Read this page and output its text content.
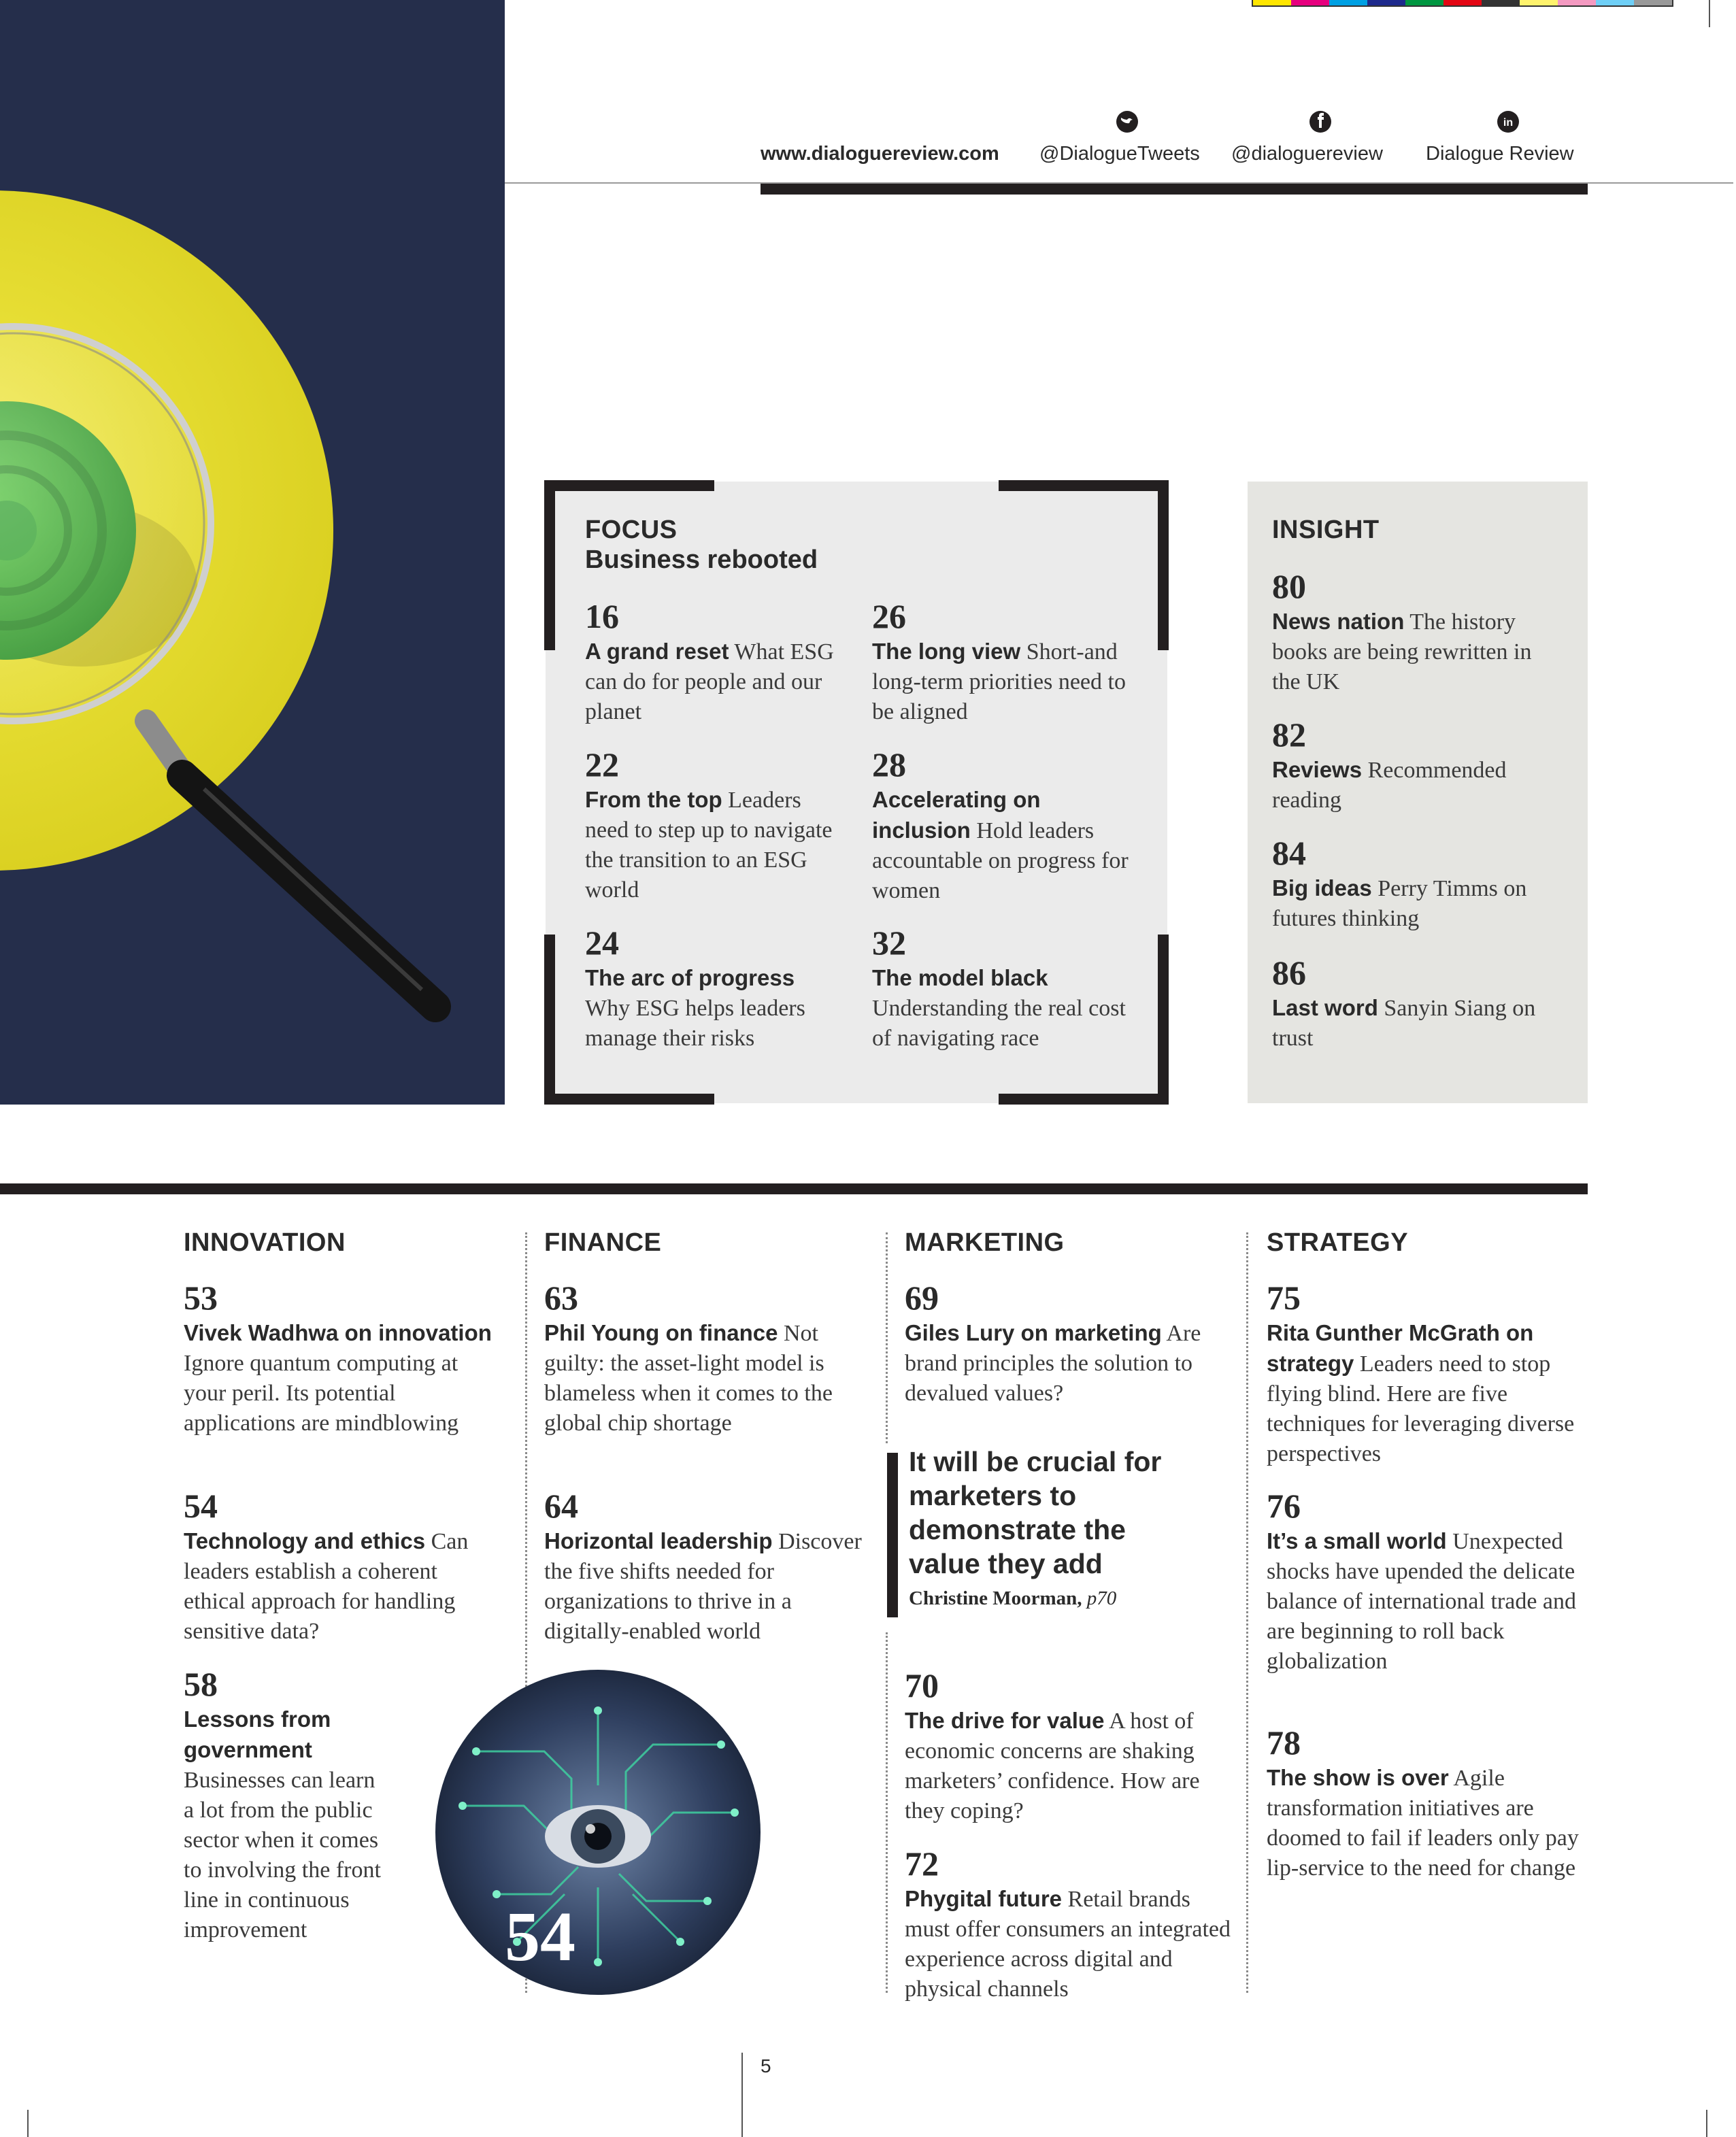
in
www.dialoguereview.com @DialogueTweets @dialoguereview Dialogue Review
FOCUS
Business rebooted
16
A grand reset What ESG can do for people and our planet
26
The long view Short-and long-term priorities need to be aligned
22
From the top Leaders need to step up to navigate the transition to an ESG world
28
Accelerating on inclusion Hold leaders accountable on progress for women
24
The arc of progress Why ESG helps leaders manage their risks
32
The model black Understanding the real cost of navigating race
INSIGHT
80
News nation The history books are being rewritten in the UK
82
Reviews Recommended reading
84
Big ideas Perry Timms on futures thinking
86
Last word Sanyin Siang on trust
INNOVATION
53
Vivek Wadhwa on innovation Ignore quantum computing at your peril. Its potential applications are mindblowing
54
Technology and ethics Can leaders establish a coherent ethical approach for handling sensitive data?
58
Lessons from government Businesses can learn a lot from the public sector when it comes to involving the front line in continuous improvement
FINANCE
63
Phil Young on finance Not guilty: the asset-light model is blameless when it comes to the global chip shortage
64
Horizontal leadership Discover the five shifts needed for organizations to thrive in a digitally-enabled world
54
MARKETING
69
Giles Lury on marketing Are brand principles the solution to devalued values?
It will be crucial for marketers to demonstrate the value they add
Christine Moorman, p70
70
The drive for value A host of economic concerns are shaking marketers’ confidence. How are they coping?
72
Phygital future Retail brands must offer consumers an integrated experience across digital and physical channels
STRATEGY
75
Rita Gunther McGrath on strategy Leaders need to stop flying blind. Here are five techniques for leveraging diverse perspectives
76
It’s a small world Unexpected shocks have upended the delicate balance of international trade and are beginning to roll back globalization
78
The show is over Agile transformation initiatives are doomed to fail if leaders only pay lip-service to the need for change
5
